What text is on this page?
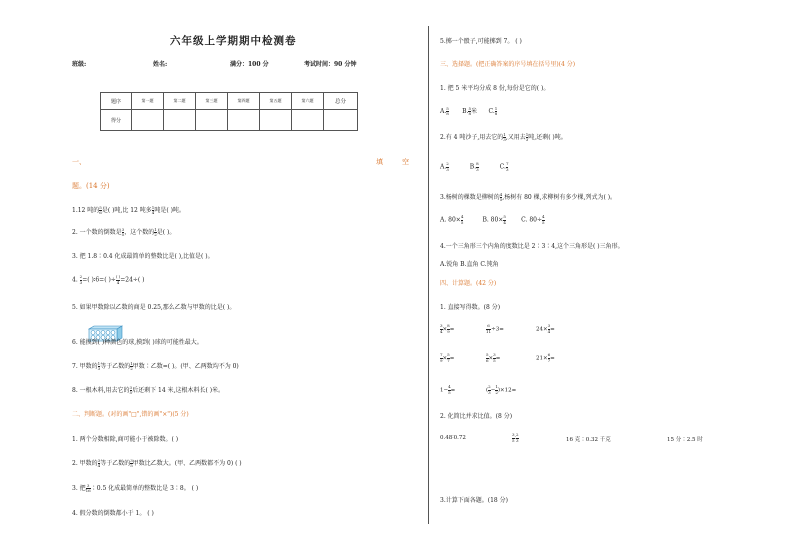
六年级上学期期中检测卷
班级:	姓名:	满分：100 分	考试时间：90 分钟
题序	第一题	第二题	第三题	第四题	第五题	第六题	总分
得分							
一、	填	空
题。(14 分)
1.12 吨的 $\frac{5}{6}$ 是( )吨,比 12 吨多 $\frac{1}{4}$ 吨是( )吨。
2. 一个数的倒数是 $\frac{3}{5}$ ，这个数的 $\frac{1}{2}$ 是( )。
3. 把 1.8∶0.4 化成最简单的整数比是( ),比值是( )。
4. $\frac{2}{3}$ =( )∶6=( )÷ $\frac{( )}{4} =24\div$( )
5. 如果甲数除以乙数的商是 0.25,那么乙数与甲数的比是( )。
6. 能摸到( )种颜色的球,摸到( )球的可能性最大。
7. 甲数的 $\frac{1}{3}$ 等于乙数的 $\frac{1}{2}$ 甲数∶乙数=( )。(甲、乙两数均不为 0)
8. 一根木料,用去它的 $\frac{3}{5}$ 后还剩下 14 米,这根木料长( )米。
二、判断题。(对的画"□",错的画"×")(5 分)
1. 两个分数相除,商可能小于被除数。( )
2. 甲数的 $\frac{3}{4}$ 等于乙数的 $\frac{3}{5}$ 甲数比乙数大。(甲、乙两数都不为 0) ( )
3. 把 $\frac{3}{16}$ ∶0.5 化成最简单的整数比是 3∶8。 ( )
4. 假分数的倒数都小于 1。 ( )
5.掷一个骰子,可能掷到 7。 ( )
三、选择题。(把正确答案的序号填在括号里)(4 分)
1. 把 5 米平均分成 8 份,每份是它的( )。
A. $\frac{5}{8} B$. $\frac{5}{8}$ 米 C. $\frac{1}{8}$
2.有 4 吨沙子,用去它的 $\frac{1}{3}$ ,又用去 $\frac{1}{3}$ 吨,还剩( )吨。
A. $\frac{2}{3}$	B. $\frac{8}{3}$	C. $\frac{7}{3}$
3.杨树的棵数是柳树的 $\frac{4}{5}$ ,杨树有 80 棵,求柳树有多少棵,列式为( )。
A. $80\times \frac{4}{5}$	B. $80\times \frac{5}{4}$	C. $80\div \frac{4}{5}$
4.一个三角形三个内角的度数比是 2∶3∶4,这个三角形是( )三角形。
A.锐角 B.直角 C.钝角
四、计算题。(42 分)
1. 直接写得数。(8 分)
$\frac{3}{4} \times \frac{8}{9}$ =	$\frac{6}{11} \div 3=$	$24\times \frac{3}{4}$ =
$\frac{7}{9} \times \frac{5}{7}$ =	$\frac{5}{6} \times \frac{3}{5}$ =	$21\times \frac{6}{7}$ =
$1- \frac{4}{5}$ =	( $\frac{2}{3} - \frac{1}{2} )\times 12=$
2. 化简比并求比值。(8 分)
0.48∶0.72	$\frac{3}{5}$ ∶ $\frac{2}{3}$	16 克∶0.32 千克	15 分∶2.5 时
3.计算下面各题。(18 分)
